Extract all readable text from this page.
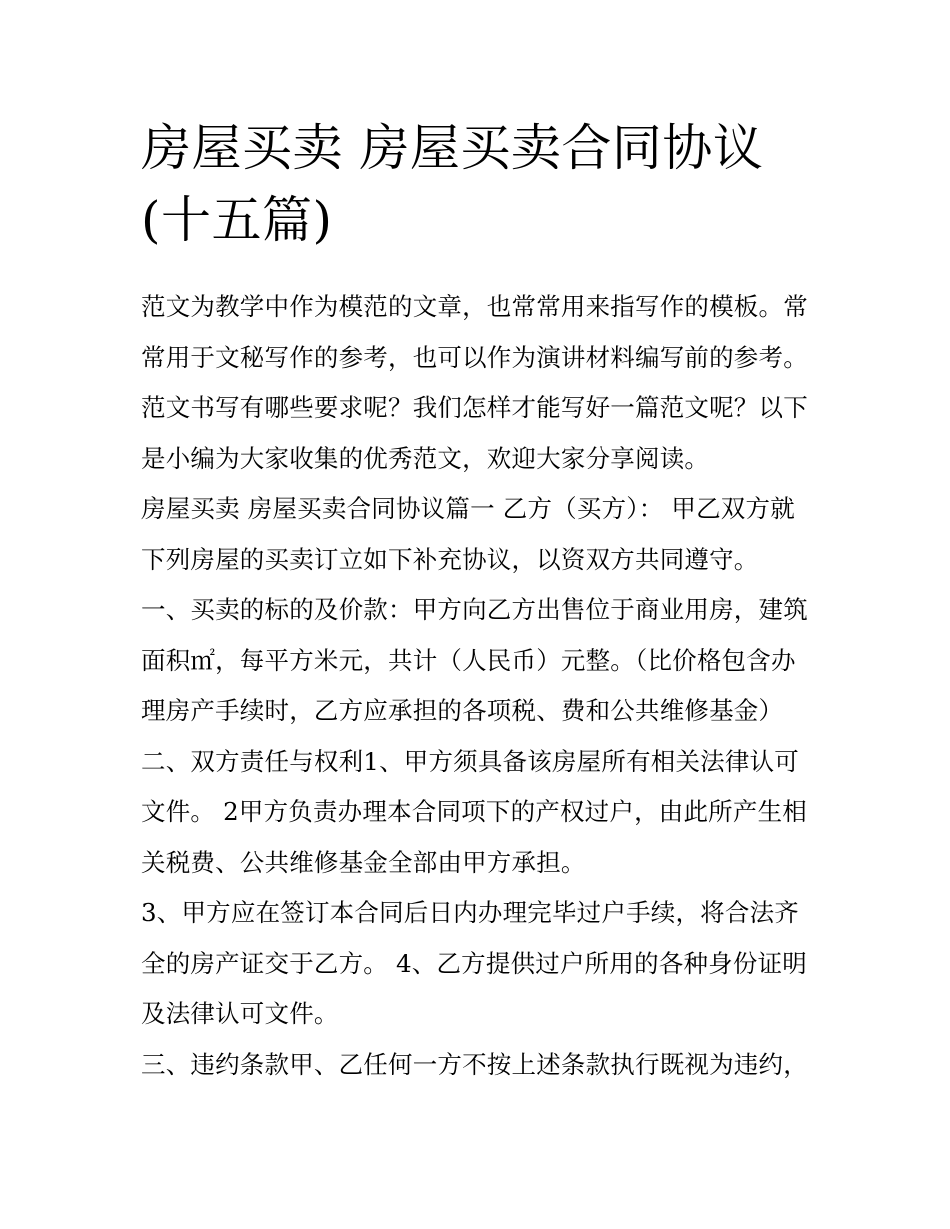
房屋买卖 房屋买卖合同协议
(十五篇)
范文为教学中作为模范的文章，也常常用来指写作的模板。常
常用于文秘写作的参考，也可以作为演讲材料编写前的参考。
范文书写有哪些要求呢？我们怎样才能写好一篇范文呢？以下
是小编为大家收集的优秀范文，欢迎大家分享阅读。
房屋买卖 房屋买卖合同协议篇一 乙方（买方）： 甲乙双方就
下列房屋的买卖订立如下补充协议，以资双方共同遵守。
一、买卖的标的及价款：甲方向乙方出售位于商业用房，建筑
面积㎡，每平方米元，共计（人民币）元整。（比价格包含办
理房产手续时，乙方应承担的各项税、费和公共维修基金）
二、双方责任与权利1、甲方须具备该房屋所有相关法律认可
文件。 2甲方负责办理本合同项下的产权过户，由此所产生相
关税费、公共维修基金全部由甲方承担。
3、甲方应在签订本合同后日内办理完毕过户手续，将合法齐
全的房产证交于乙方。 4、乙方提供过户所用的各种身份证明
及法律认可文件。
三、违约条款甲、乙任何一方不按上述条款执行既视为违约，
